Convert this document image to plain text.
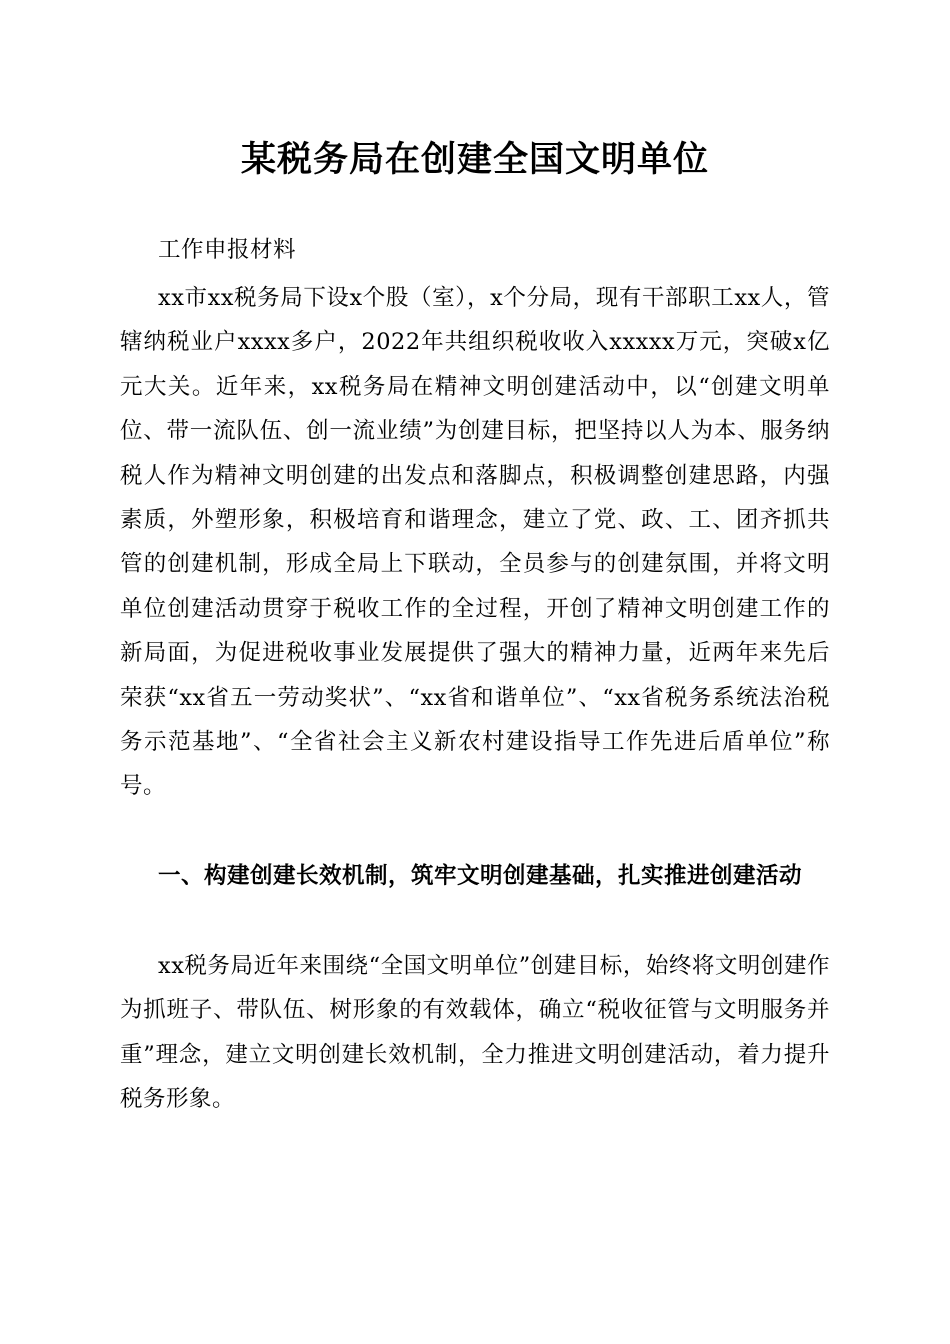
某税务局在创建全国文明单位
工作申报材料
xx市xx税务局下设x个股（室），x个分局，现有干部职工xx人，管辖纳税业户xxxx多户，2022年共组织税收收入xxxxx万元，突破x亿元大关。近年来，xx税务局在精神文明创建活动中，以“创建文明单位、带一流队伍、创一流业绩”为创建目标，把坚持以人为本、服务纳税人作为精神文明创建的出发点和落脚点，积极调整创建思路，内强素质，外塑形象，积极培育和谐理念，建立了党、政、工、团齐抓共管的创建机制，形成全局上下联动，全员参与的创建氛围，并将文明单位创建活动贯穿于税收工作的全过程，开创了精神文明创建工作的新局面，为促进税收事业发展提供了强大的精神力量，近两年来先后荣获“xx省五一劳动奖状”、“xx省和谐单位”、“xx省税务系统法治税务示范基地”、“全省社会主义新农村建设指导工作先进后盾单位”称号。
一、构建创建长效机制，筑牢文明创建基础，扎实推进创建活动
xx税务局近年来围绕“全国文明单位”创建目标，始终将文明创建作为抓班子、带队伍、树形象的有效载体，确立“税收征管与文明服务并重”理念，建立文明创建长效机制，全力推进文明创建活动，着力提升税务形象。
